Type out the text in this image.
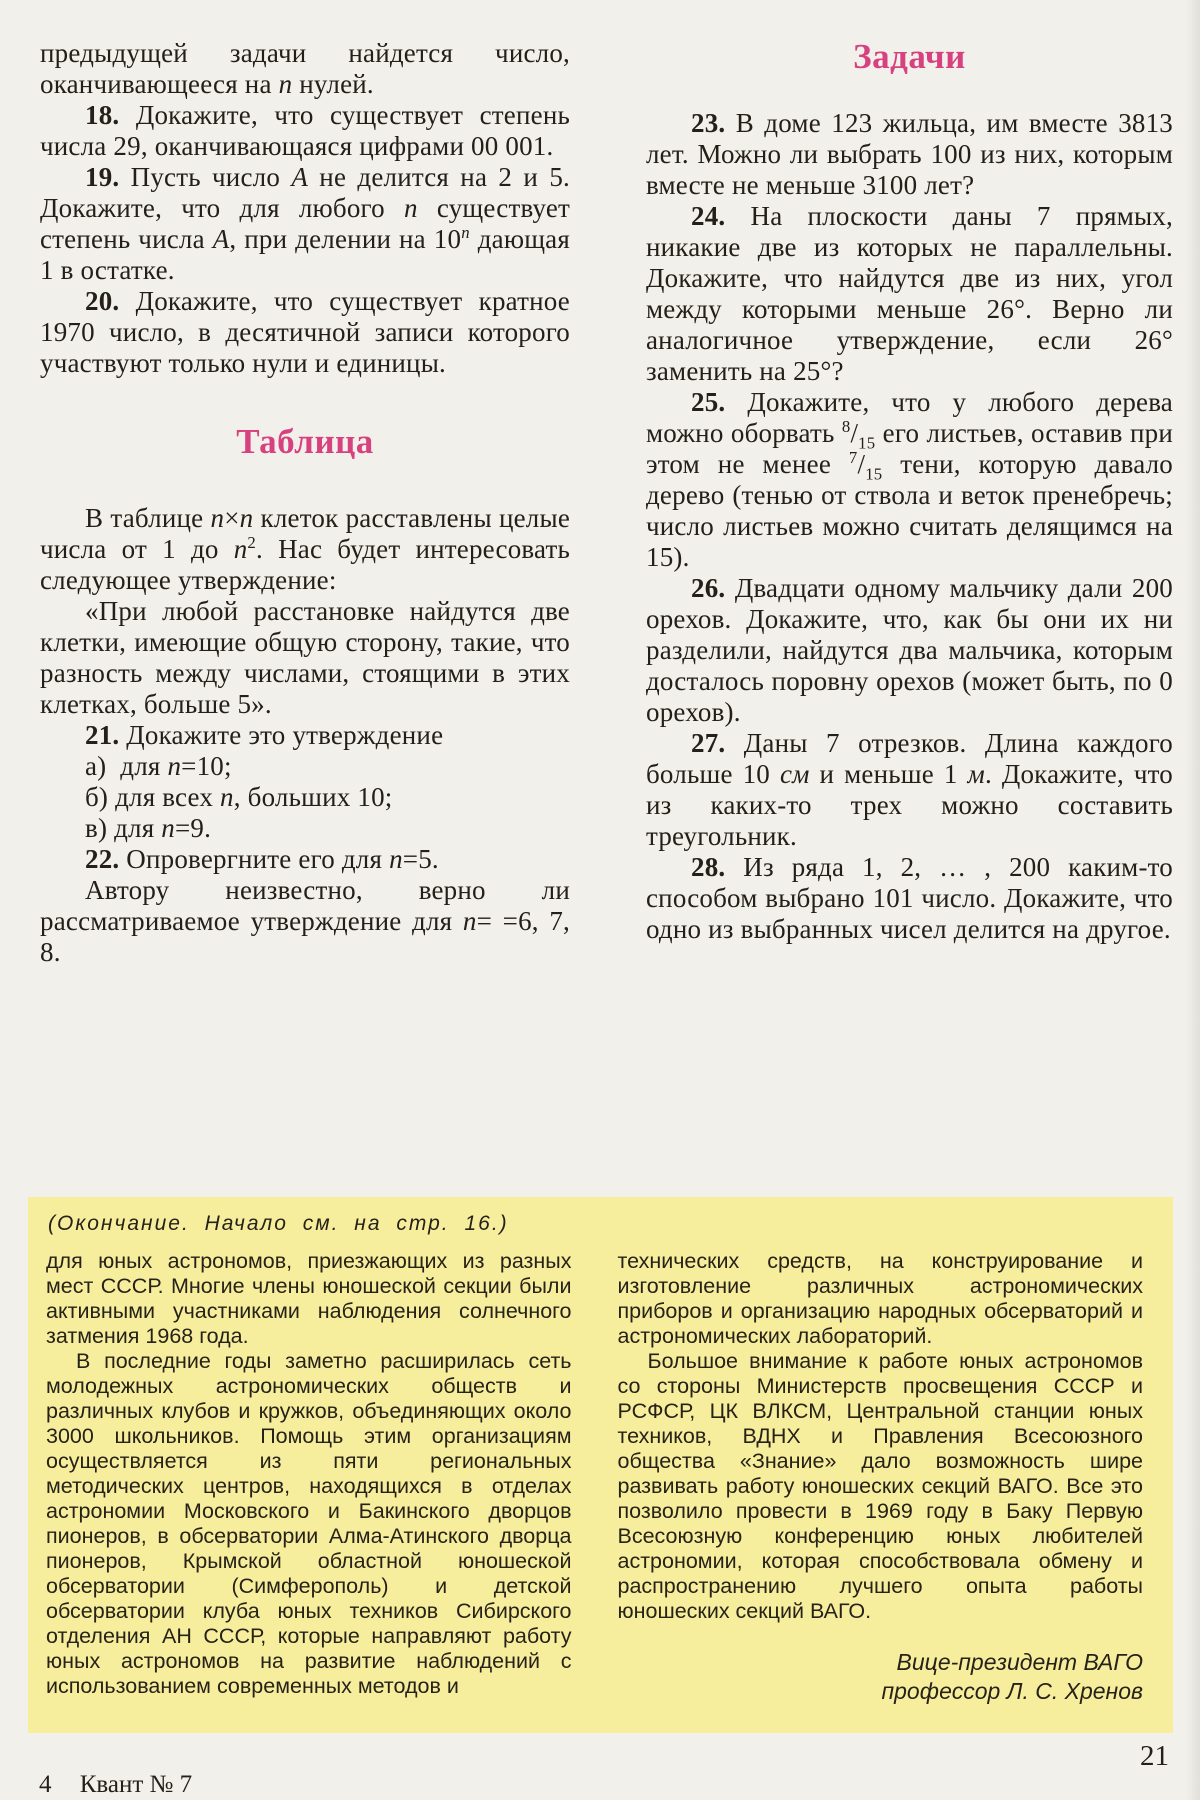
предыдущей задачи найдется число, оканчивающееся на n нулей.

18. Докажите, что существует степень числа 29, оканчивающаяся цифрами 00 001.

19. Пусть число А не делится на 2 и 5. Докажите, что для любого n существует степень числа А, при делении на 10$^n$ дающая 1 в остатке.

20. Докажите, что существует кратное 1970 число, в десятичной записи которого участвуют только нули и единицы.

Таблица

В таблице n×n клеток расставлены целые числа от 1 до $n^2$. Нас будет интересовать следующее утверждение:

«При любой расстановке найдутся две клетки, имеющие общую сторону, такие, что разность между числами, стоящими в этих клетках, больше 5».

21. Докажите это утверждение

а)  для n=10;

б) для всех n, больших 10;

в) для n=9.

22. Опровергните его для n=5.

Автору неизвестно, верно ли рассматриваемое утверждение для n= =6, 7, 8.

Задачи

23. В доме 123 жильца, им вместе 3813 лет. Можно ли выбрать 100 из них, которым вместе не меньше 3100 лет?

24. На плоскости даны 7 прямых, никакие две из которых не параллельны. Докажите, что найдутся две из них, угол между которыми меньше 26°. Верно ли аналогичное утверждение, если 26° заменить на 25°?

25. Докажите, что у любого дерева можно оборвать $^8/_{15}$ его листьев, оставив при этом не менее $^7/_{15}$ тени, которую давало дерево (тенью от ствола и веток пренебречь; число листьев можно считать делящимся на 15).

26. Двадцати одному мальчику дали 200 орехов. Докажите, что, как бы они их ни разделили, найдутся два мальчика, которым досталось поровну орехов (может быть, по 0 орехов).

27. Даны 7 отрезков. Длина каждого больше 10 см и меньше 1 м. Докажите, что из каких-то трех можно составить треугольник.

28. Из ряда 1, 2, … , 200 каким-то способом выбрано 101 число. Докажите, что одно из выбранных чисел делится на другое.

(Окончание. Начало см. на стр. 16.)

для юных астрономов, приезжающих из разных мест СССР. Многие члены юношеской секции были активными участниками наблюдения солнечного затмения 1968 года.

В последние годы заметно расширилась сеть молодежных астрономических обществ и различных клубов и кружков, объединяющих около 3000 школьников. Помощь этим организациям осуществляется из пяти региональных методических центров, находящихся в отделах астрономии Московского и Бакинского дворцов пионеров, в обсерватории Алма-Атинского дворца пионеров, Крымской областной юношеской обсерватории (Симферополь) и детской обсерватории клуба юных техников Сибирского отделения АН СССР, которые направляют работу юных астрономов на развитие наблюдений с использованием современных методов и

технических средств, на конструирование и изготовление различных астрономических приборов и организацию народных обсерваторий и астрономических лабораторий.

Большое внимание к работе юных астрономов со стороны Министерств просвещения СССР и РСФСР, ЦК ВЛКСМ, Центральной станции юных техников, ВДНХ и Правления Всесоюзного общества «Знание» дало возможность шире развивать работу юношеских секций ВАГО. Все это позволило провести в 1969 году в Баку Первую Всесоюзную конференцию юных любителей астрономии, которая способствовала обмену и распространению лучшего опыта работы юношеских секций ВАГО.

Вице-президент ВАГО
профессор Л. С. Хренов
4 Квант № 7
21
